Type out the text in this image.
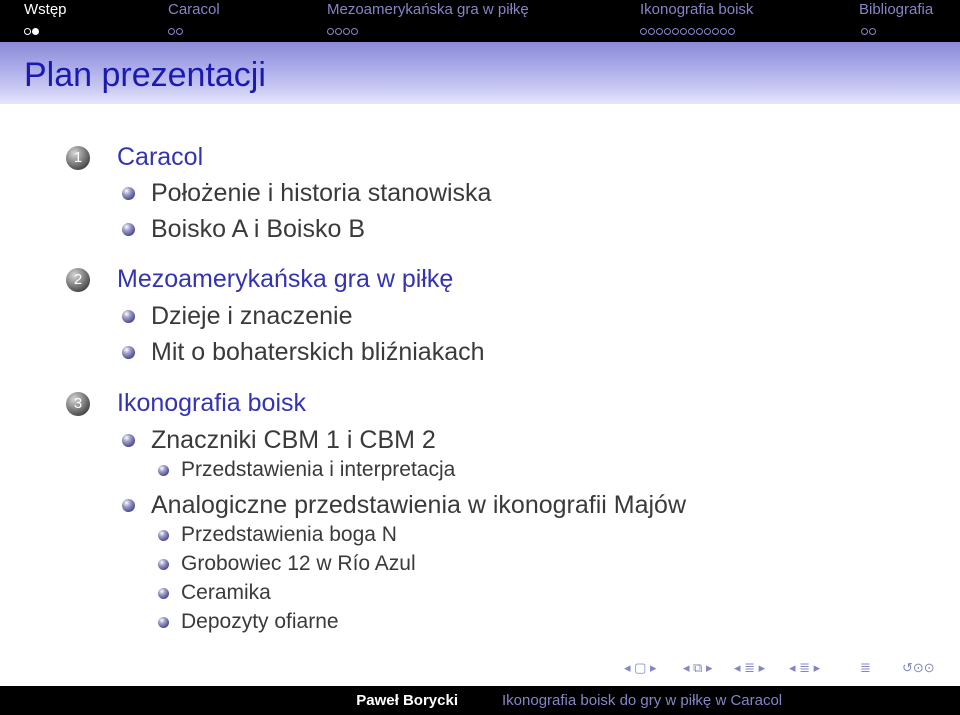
Wstęp	Caracol	Mezoamerykańska gra w piłkę	Ikonografia boisk	Bibliografia
Plan prezentacji
1	Caracol
Położenie i historia stanowiska
Boisko A i Boisko B
2	Mezoamerykańska gra w piłkę
Dzieje i znaczenie
Mit o bohaterskich bliźniakach
3	Ikonografia boisk
Znaczniki CBM 1 i CBM 2
Przedstawienia i interpretacja
Analogiczne przedstawienia w ikonografii Majów
Przedstawienia boga N
Grobowiec 12 w Río Azul
Ceramika
Depozyty ofiarne
◂ ▢ ▸ ◂ ⧉ ▸ ◂ ≣ ▸ ◂ ≣ ▸	≣ ↺⊙⊙
Paweł Borycki	Ikonografia boisk do gry w piłkę w Caracol
